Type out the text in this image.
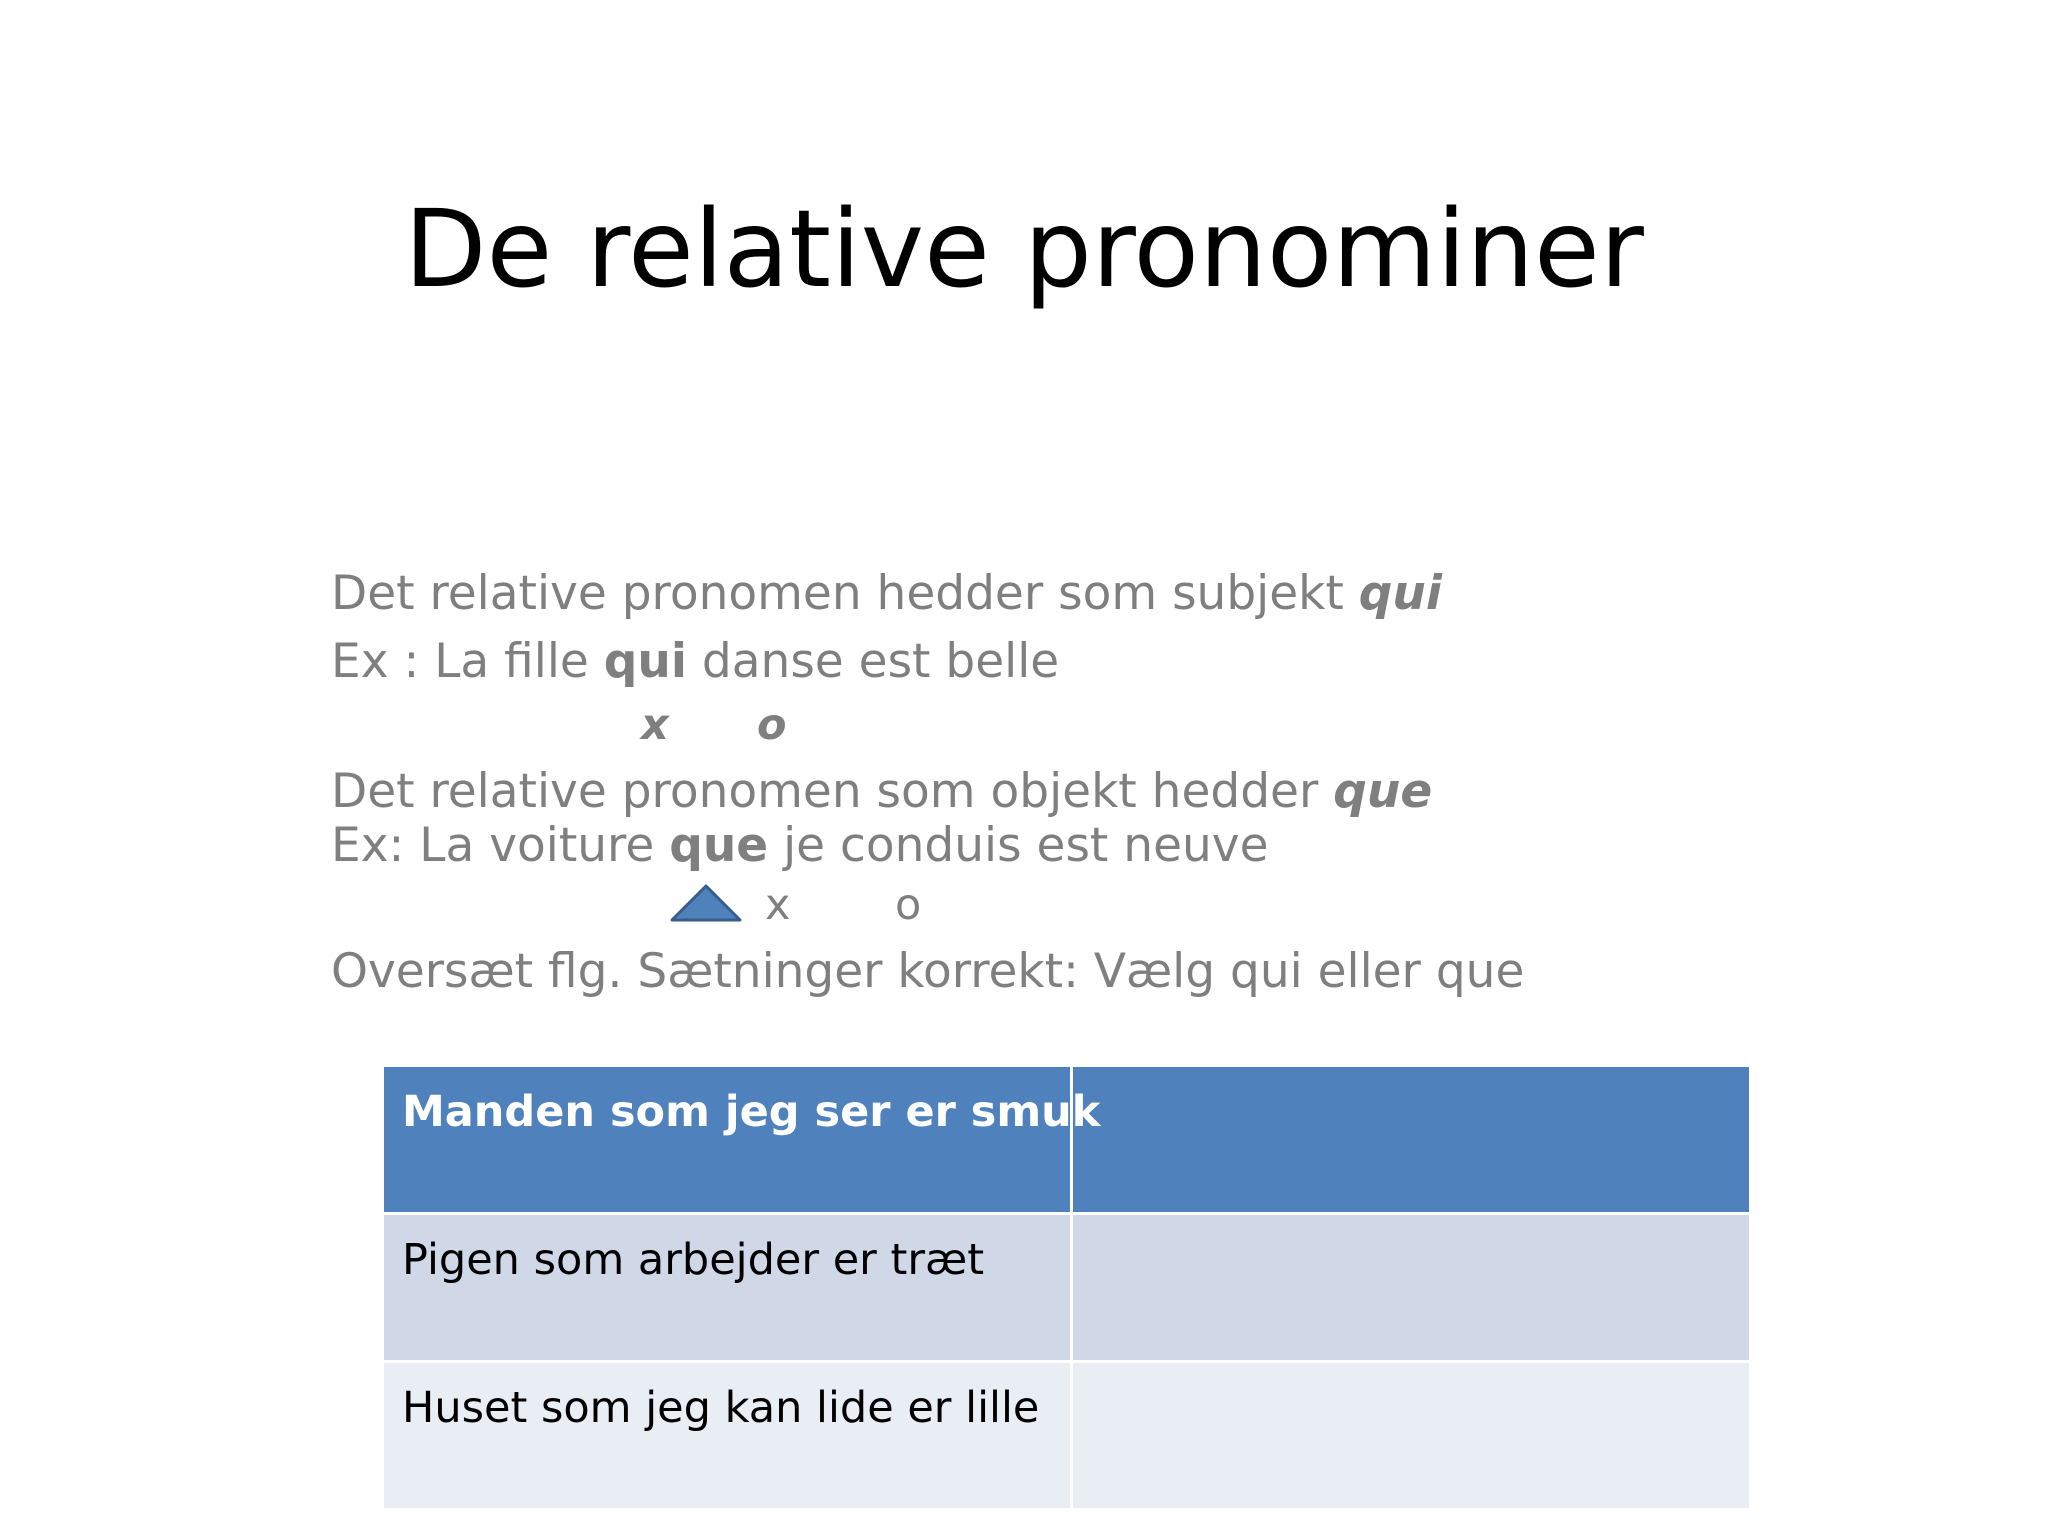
De relative pronominer
Det relative pronomen hedder som subjekt qui
Ex : La fille qui danse est belle
x o
Det relative pronomen som objekt hedder que
Ex: La voiture que je conduis est neuve
x o
Oversæt flg. Sætninger korrekt: Vælg qui eller que
Manden som jeg ser er smuk	
Pigen som arbejder er træt	
Huset som jeg kan lide er lille	
